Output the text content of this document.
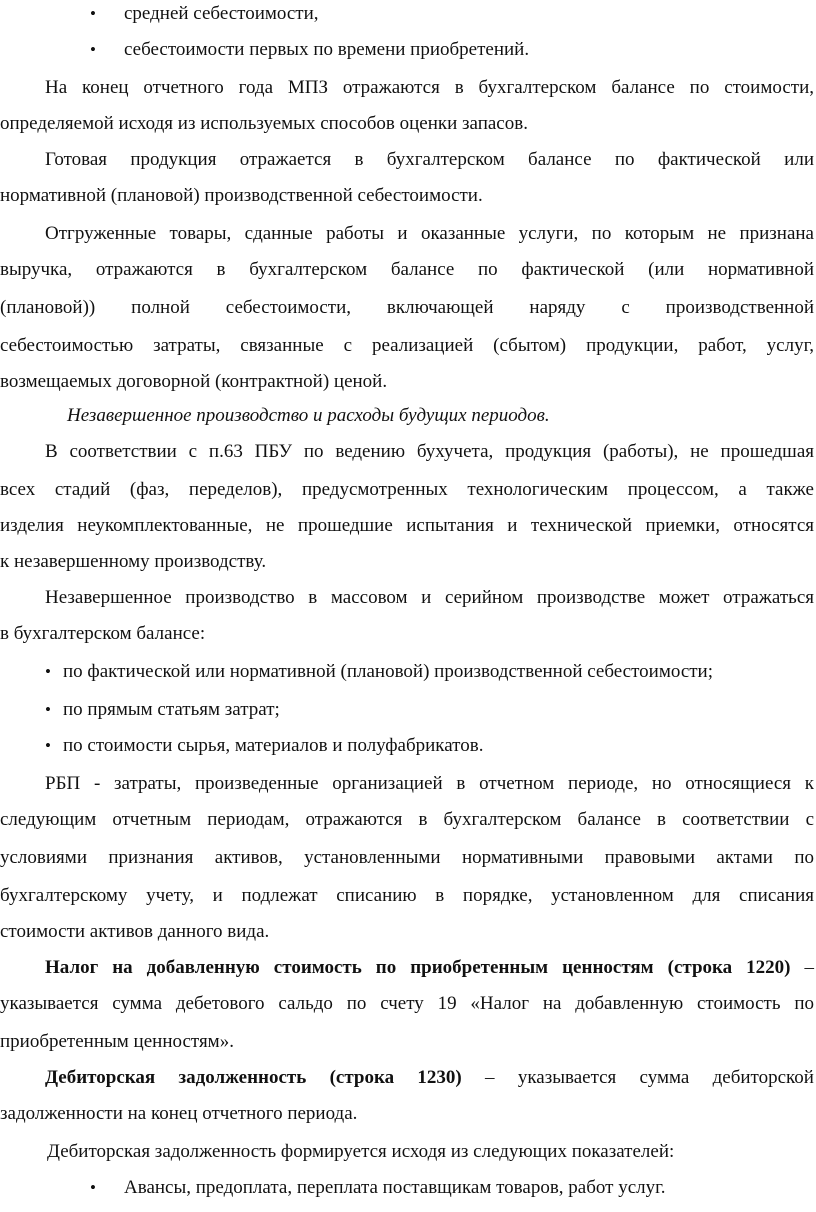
• средней себестоимости,
• себестоимости первых по времени приобретений.
На конец отчетного года МПЗ отражаются в бухгалтерском балансе по стоимости,
определяемой исходя из используемых способов оценки запасов.
Готовая продукция отражается в бухгалтерском балансе по фактической или
нормативной (плановой) производственной себестоимости.
Отгруженные товары, сданные работы и оказанные услуги, по которым не признана
выручка, отражаются в бухгалтерском балансе по фактической (или нормативной
(плановой)) полной себестоимости, включающей наряду с производственной
себестоимостью затраты, связанные с реализацией (сбытом) продукции, работ, услуг,
возмещаемых договорной (контрактной) ценой.
Незавершенное производство и расходы будущих периодов.
В соответствии с п.63 ПБУ по ведению бухучета, продукция (работы), не прошедшая
всех стадий (фаз, переделов), предусмотренных технологическим процессом, а также
изделия неукомплектованные, не прошедшие испытания и технической приемки, относятся
к незавершенному производству.
Незавершенное производство в массовом и серийном производстве может отражаться
в бухгалтерском балансе:
• по фактической или нормативной (плановой) производственной себестоимости;
• по прямым статьям затрат;
• по стоимости сырья, материалов и полуфабрикатов.
РБП - затраты, произведенные организацией в отчетном периоде, но относящиеся к
следующим отчетным периодам, отражаются в бухгалтерском балансе в соответствии с
условиями признания активов, установленными нормативными правовыми актами по
бухгалтерскому учету, и подлежат списанию в порядке, установленном для списания
стоимости активов данного вида.
Налог на добавленную стоимость по приобретенным ценностям (строка 1220) –
указывается сумма дебетового сальдо по счету 19 «Налог на добавленную стоимость по
приобретенным ценностям».
Дебиторская задолженность (строка 1230) – указывается сумма дебиторской
задолженности на конец отчетного периода.
Дебиторская задолженность формируется исходя из следующих показателей:
• Авансы, предоплата, переплата поставщикам товаров, работ услуг.
